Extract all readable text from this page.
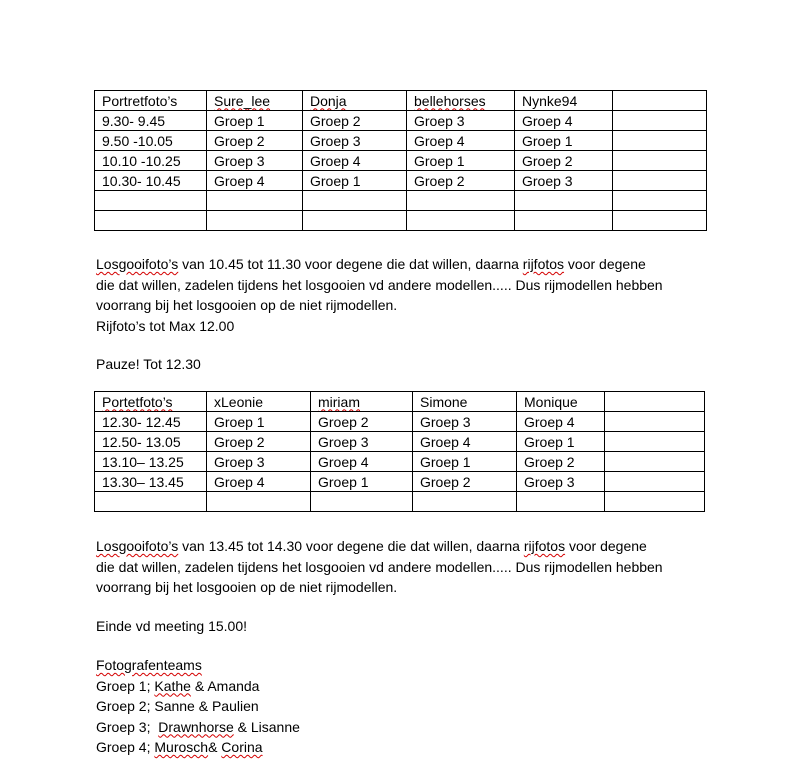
Portretfoto’s	Sure_lee	Donja	bellehorses	Nynke94	
9.30- 9.45	Groep 1	Groep 2	Groep 3	Groep 4	
9.50 -10.05	Groep 2	Groep 3	Groep 4	Groep 1	
10.10 -10.25	Groep 3	Groep 4	Groep 1	Groep 2	
10.30- 10.45	Groep 4	Groep 1	Groep 2	Groep 3	

Losgooifoto’s van 10.45 tot 11.30 voor degene die dat willen, daarna rijfotos voor degene
die dat willen, zadelen tijdens het losgooien vd andere modellen..... Dus rijmodellen hebben
voorrang bij het losgooien op de niet rijmodellen.
Rijfoto’s tot Max 12.00

Pauze! Tot 12.30

Portetfoto’s	xLeonie	miriam	Simone	Monique	
12.30- 12.45	Groep 1	Groep 2	Groep 3	Groep 4	
12.50- 13.05	Groep 2	Groep 3	Groep 4	Groep 1	
13.10– 13.25	Groep 3	Groep 4	Groep 1	Groep 2	
13.30– 13.45	Groep 4	Groep 1	Groep 2	Groep 3	

Losgooifoto’s van 13.45 tot 14.30 voor degene die dat willen, daarna rijfotos voor degene
die dat willen, zadelen tijdens het losgooien vd andere modellen..... Dus rijmodellen hebben
voorrang bij het losgooien op de niet rijmodellen.

Einde vd meeting 15.00!

Fotografenteams
Groep 1; Kathe & Amanda
Groep 2; Sanne & Paulien
Groep 3;  Drawnhorse & Lisanne
Groep 4; Murosch& Corina
